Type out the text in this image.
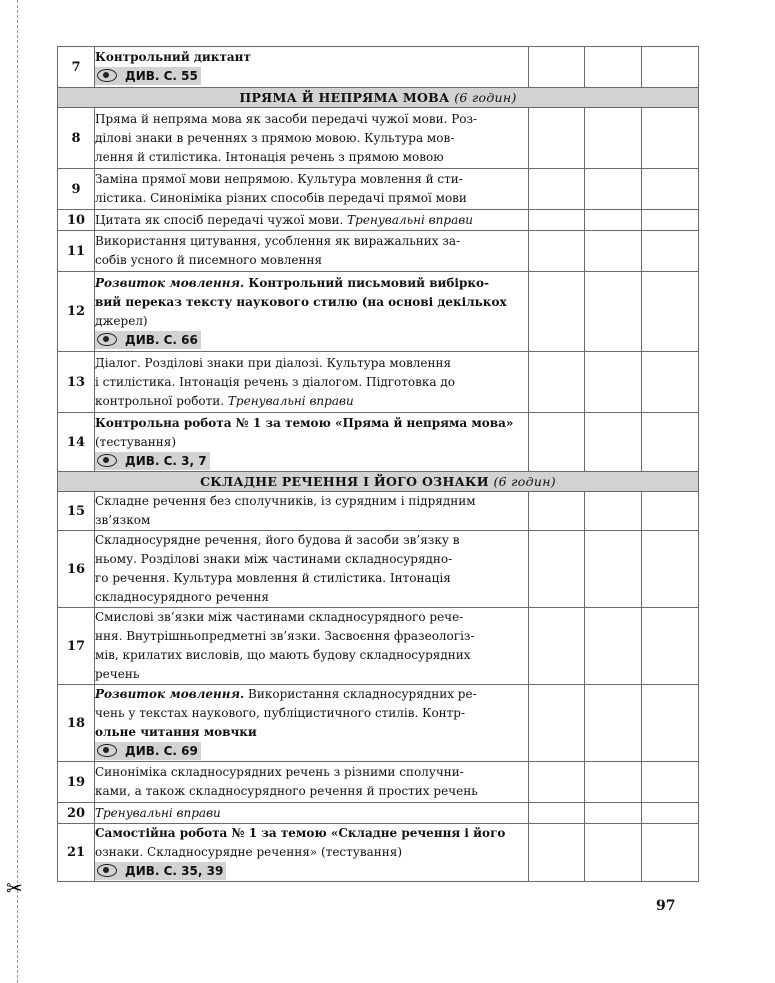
✂
7	Контрольний диктант
ДИВ. С. 55			
ПРЯМА Й НЕПРЯМА МОВА (6 годин)				
8	Пряма й непряма мова як засоби передачі чужої мови. Роз-
ділові знаки в реченнях з прямою мовою. Культура мов-
лення й стилістика. Інтонація речень з прямою мовою			
9	Заміна прямої мови непрямою. Культура мовлення й сти-
лістика. Синоніміка різних способів передачі прямої мови			
10	Цитата як спосіб передачі чужої мови. Тренувальні вправи			
11	Використання цитування, усоблення як виражальних за-
собів усного й писемного мовлення			
12	Розвиток мовлення. Контрольний письмовий вибірко-
вий переказ тексту наукового стилю (на основі декількох
джерел)
ДИВ. С. 66			
13	Діалог. Розділові знаки при діалозі. Культура мовлення
і стилістика. Інтонація речень з діалогом. Підготовка до
контрольної роботи. Тренувальні вправи			
14	Контрольна робота № 1 за темою «Пряма й непряма мова»
(тестування)
ДИВ. С. 3, 7			
СКЛАДНЕ РЕЧЕННЯ І ЙОГО ОЗНАКИ (6 годин)				
15	Складне речення без сполучників, із сурядним і підрядним
зв’язком			
16	Складносурядне речення, його будова й засоби зв’язку в
ньому. Розділові знаки між частинами складносурядно-
го речення. Культура мовлення й стилістика. Інтонація
складносурядного речення			
17	Смислові зв’язки між частинами складносурядного рече-
ння. Внутрішньопредметні зв’язки. Засвоєння фразеологіз-
мів, крилатих висловів, що мають будову складносурядних
речень			
18	Розвиток мовлення. Використання складносурядних ре-
чень у текстах наукового, публіцистичного стилів. Контр-
ольне читання мовчки
ДИВ. С. 69			
19	Синоніміка складносурядних речень з різними сполучни-
ками, а також складносурядного речення й простих речень			
20	Тренувальні вправи			
21	Самостійна робота № 1 за темою «Складне речення і його
ознаки. Складносурядне речення» (тестування)
ДИВ. С. 35, 39			
97
